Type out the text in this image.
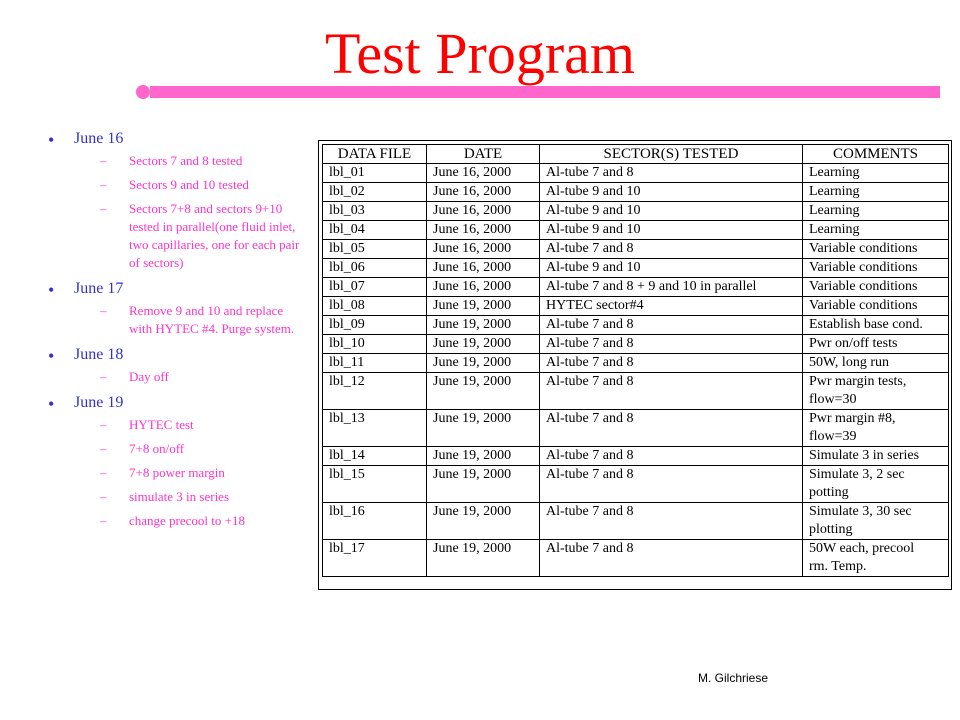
Test Program
•	June 16
– Sectors 7 and 8 tested
– Sectors 9 and 10 tested
– Sectors 7+8 and sectors 9+10 tested in parallel(one fluid inlet, two capillaries, one for each pair of sectors)
•	June 17
– Remove 9 and 10 and replace with HYTEC #4. Purge system.
•	June 18
– Day off
•	June 19
– HYTEC test
– 7+8 on/off
– 7+8 power margin
– simulate 3 in series
– change precool to +18
DATA FILE	DATE	SECTOR(S) TESTED	COMMENTS
lbl_01	June 16, 2000	Al-tube 7 and 8	Learning
lbl_02	June 16, 2000	Al-tube 9 and 10	Learning
lbl_03	June 16, 2000	Al-tube 9 and 10	Learning
lbl_04	June 16, 2000	Al-tube 9 and 10	Learning
lbl_05	June 16, 2000	Al-tube 7 and 8	Variable conditions
lbl_06	June 16, 2000	Al-tube 9 and 10	Variable conditions
lbl_07	June 16, 2000	Al-tube 7 and 8 + 9 and 10 in parallel	Variable conditions
lbl_08	June 19, 2000	HYTEC sector#4	Variable conditions
lbl_09	June 19, 2000	Al-tube 7 and 8	Establish base cond.
lbl_10	June 19, 2000	Al-tube 7 and 8	Pwr on/off tests
lbl_11	June 19, 2000	Al-tube 7 and 8	50W, long run
lbl_12	June 19, 2000	Al-tube 7 and 8	Pwr margin tests,
flow=30
lbl_13	June 19, 2000	Al-tube 7 and 8	Pwr margin #8,
flow=39
lbl_14	June 19, 2000	Al-tube 7 and 8	Simulate 3 in series
lbl_15	June 19, 2000	Al-tube 7 and 8	Simulate 3, 2 sec
potting
lbl_16	June 19, 2000	Al-tube 7 and 8	Simulate 3, 30 sec
plotting
lbl_17	June 19, 2000	Al-tube 7 and 8	50W each, precool
rm. Temp.
M. Gilchriese
